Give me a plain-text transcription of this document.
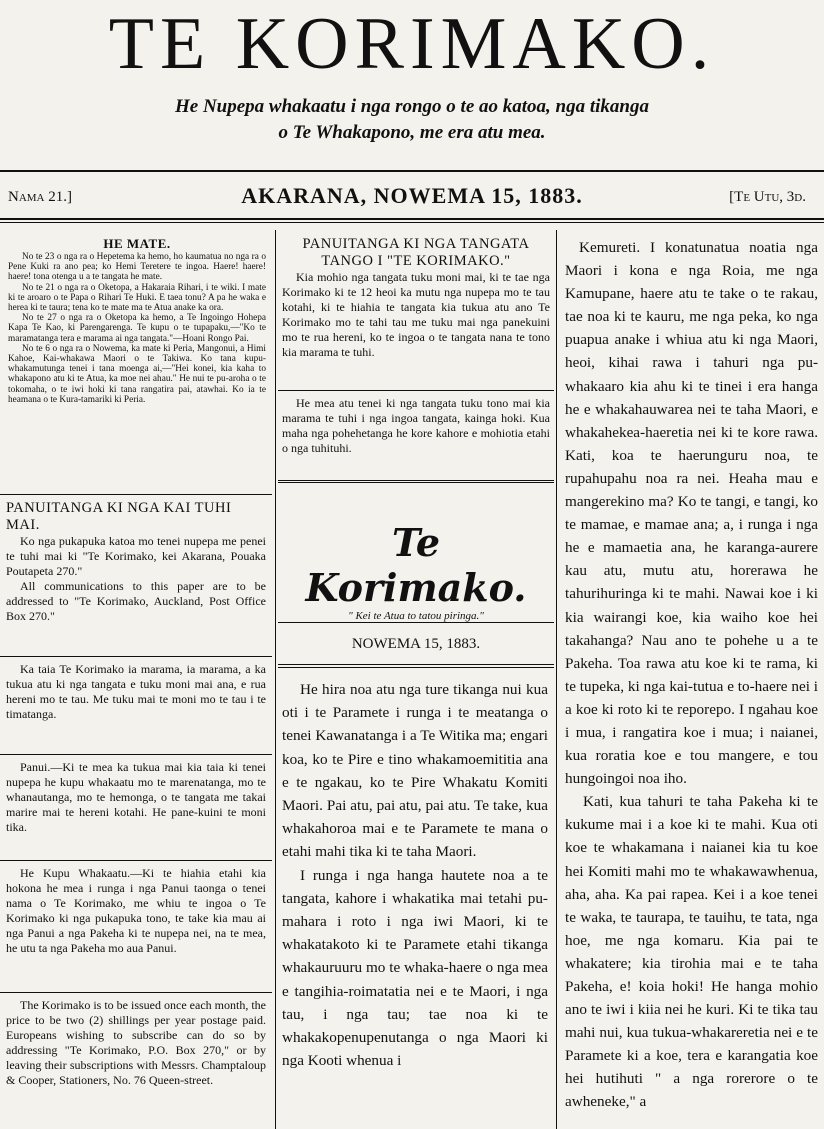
TE KORIMAKO.
He Nupepa whakaatu i nga rongo o te ao katoa, nga tikanga
o Te Whakapono, me era atu mea.
Nama 21.]	AKARANA, NOWEMA 15, 1883.	[Te Utu, 3d.
HE MATE.

No te 23 o nga ra o Hepetema ka hemo, ho kaumatua no nga ra o Pene Kuki ra ano pea; ko Hemi Teretere te ingoa. Haere! haere! haere! tona otenga u a te tangata he mate.

No te 21 o nga ra o Oketopa, a Hakaraia Rihari, i te wiki. I mate ki te aroaro o te Papa o Rihari Te Huki. E taea tonu? A pa he waka e herea ki te taura; tena ko te mate ma te Atua anake ka ora.

No te 27 o nga ra o Oketopa ka hemo, a Te Ingoingo Hohepa Kapa Te Kao, ki Parengarenga. Te kupu o te tupapaku,—"Ko te maramatanga tera e marama ai nga tangata."—Hoani Rongo Pai.

No te 6 o nga ra o Nowema, ka mate ki Peria, Mangonui, a Himi Kahoe, Kai-whakawa Maori o te Takiwa. Ko tana kupu-whakamutunga tenei i tana moenga ai,—"Hei konei, kia kaha to whakapono atu ki te Atua, ka moe nei ahau." He nui te pu-aroha o te tokomaha, o te iwi hoki ki tana rangatira pai, atawhai. Ko ia te heamana o te Kura-tamariki ki Peria.

PANUITANGA KI NGA KAI TUHI MAI.

Ko nga pukapuka katoa mo tenei nupepa me penei te tuhi mai ki "Te Korimako, kei Akarana, Pouaka Poutapeta 270."

All communications to this paper are to be addressed to "Te Korimako, Auckland, Post Office Box 270."

Ka taia Te Korimako ia marama, ia marama, a ka tukua atu ki nga tangata e tuku moni mai ana, e rua hereni mo te tau. Me tuku mai te moni mo te tau i te timatanga.

Panui.—Ki te mea ka tukua mai kia taia ki tenei nupepa he kupu whakaatu mo te marenatanga, mo te whanautanga, mo te hemonga, o te tangata me takai marire mai te hereni kotahi. He pane-kuini te moni tika.

He Kupu Whakaatu.—Ki te hiahia etahi kia hokona he mea i runga i nga Panui taonga o tenei nama o Te Korimako, me whiu te ingoa o Te Korimako ki nga pukapuka tono, te take kia mau ai nga Panui a nga Pakeha ki te nupepa nei, na te mea, he utu ta nga Pakeha mo aua Panui.

The Korimako is to be issued once each month, the price to be two (2) shillings per year postage paid. Europeans wishing to subscribe can do so by addressing "Te Korimako, P.O. Box 270," or by leaving their subscriptions with Messrs. Champtaloup & Cooper, Stationers, No. 76 Queen-street.

PANUITANGA KI NGA TANGATA TANGO I "TE KORIMAKO."

Kia mohio nga tangata tuku moni mai, ki te tae nga Korimako ki te 12 heoi ka mutu nga nupepa mo te tau kotahi, ki te hiahia te tangata kia tukua atu ano Te Korimako mo te tahi tau me tuku mai nga panekuini mo te rua hereni, ko te ingoa o te tangata nana te tono kia marama te tuhi.

He mea atu tenei ki nga tangata tuku tono mai kia marama te tuhi i nga ingoa tangata, kainga hoki. Kua maha nga pohehetanga he kore kahore e mohiotia etahi o nga tuhituhi.

Te Korimako.
" Kei te Atua to tatou piringa."
NOWEMA 15, 1883.

He hira noa atu nga ture tikanga nui kua oti i te Paramete i runga i te meatanga o tenei Kawanatanga i a Te Witika ma; engari koa, ko te Pire e tino whakamoemititia ana e te ngakau, ko te Pire Whakatu Komiti Maori. Pai atu, pai atu, pai atu. Te take, kua whakahoroa mai e te Paramete te mana o etahi mahi tika ki te taha Maori.

I runga i nga hanga hautete noa a te tangata, kahore i whakatika mai tetahi pu-mahara i roto i nga iwi Maori, ki te whakatakoto ki te Paramete etahi tikanga whakauruuru mo te whaka-haere o nga mea e tangihia-roimatatia nei e te Maori, i nga tau, i nga tau; tae noa ki te whakakopenupenutanga o nga Maori ki nga Kooti whenua i

Kemureti. I konatunatua noatia nga Maori i kona e nga Roia, me nga Kamupane, haere atu te take o te rakau, tae noa ki te kauru, me nga peka, ko nga puapua anake i whiua atu ki nga Maori, heoi, kihai rawa i tahuri nga pu-whakaaro kia ahu ki te tinei i era hanga he e whakahauwarea nei te taha Maori, e whakahekea-haeretia nei ki te kore rawa. Kati, koa te haerunguru noa, te rupahupahu noa ra nei. Heaha mau e mangerekino ma? Ko te tangi, e tangi, ko te mamae, e mamae ana; a, i runga i nga he e mamaetia ana, he karanga-aurere kau atu, mutu atu, horerawa he tahurihuringa ki te mahi. Nawai koe i ki kia wairangi koe, kia waiho koe hei takahanga? Nau ano te pohehe u a te Pakeha. Toa rawa atu koe ki te rama, ki te tupeka, ki nga kai-tutua e to-haere nei i a koe ki roto ki te reporepo. I ngahau koe i mua, i rangatira koe i mua; i naianei, kua roratia koe e tou mangere, e tou hungoingoi noa iho.

Kati, kua tahuri te taha Pakeha ki te kukume mai i a koe ki te mahi. Kua oti koe te whakamana i naianei kia tu koe hei Komiti mahi mo te whakawawhenua, aha, aha. Ka pai rapea. Kei i a koe tenei te waka, te taurapa, te tauihu, te tata, nga hoe, me nga komaru. Kia pai te whakatere; kia tirohia mai e te taha Pakeha, e! koia hoki! He hanga mohio ano te iwi i kiia nei he kuri. Ki te tika tau mahi nui, kua tukua-whakareretia nei e te Paramete ki a koe, tera e karangatia koe hei hutihuti " a nga rorerore o te awheneke," a
